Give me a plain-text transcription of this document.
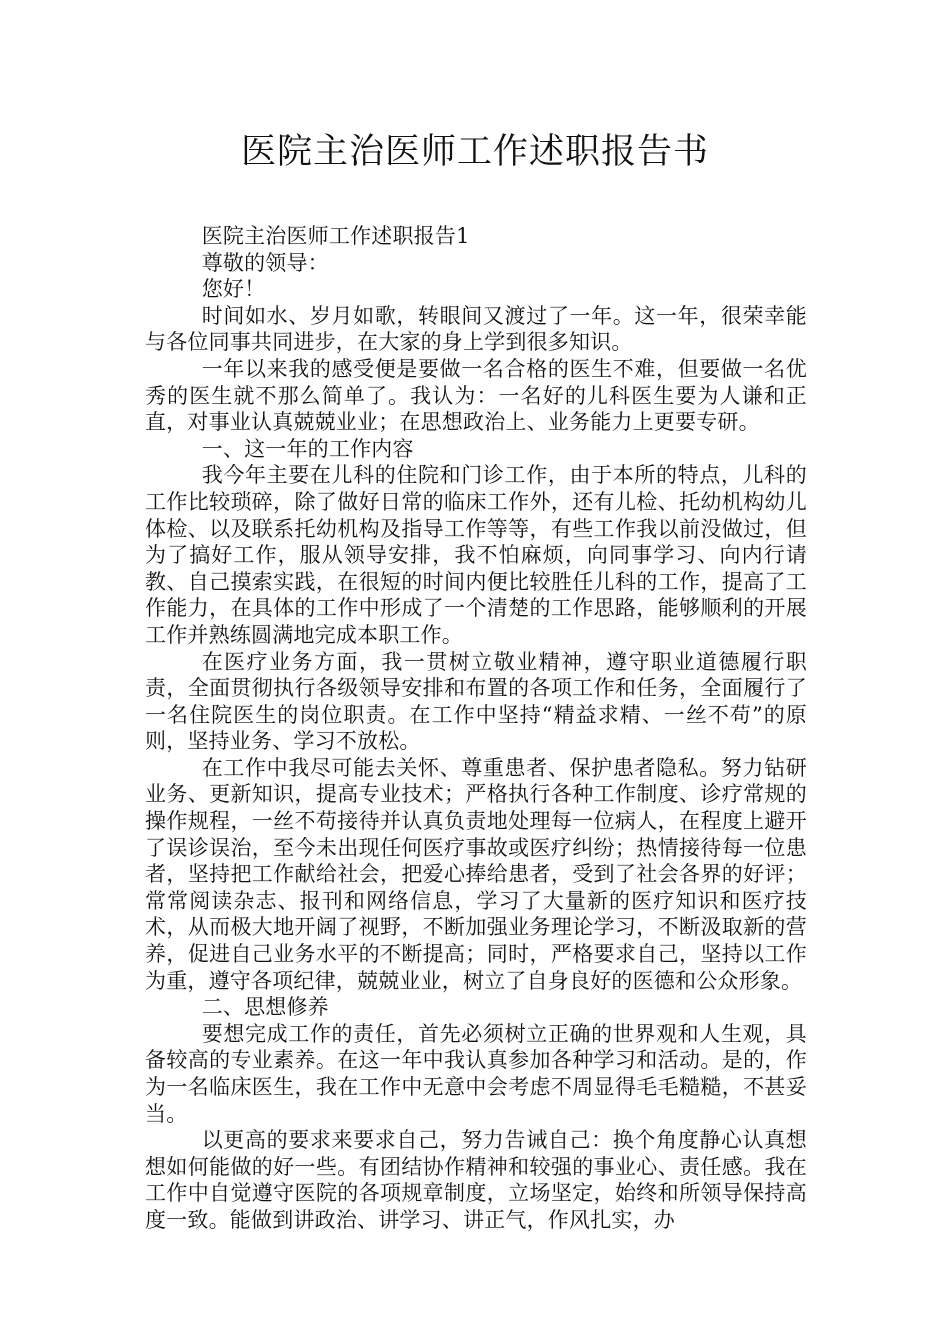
医院主治医师工作述职报告书

医院主治医师工作述职报告1

尊敬的领导：

您好！

时间如水、岁月如歌，转眼间又渡过了一年。这一年，很荣幸能与各位同事共同进步，在大家的身上学到很多知识。

一年以来我的感受便是要做一名合格的医生不难，但要做一名优秀的医生就不那么简单了。我认为：一名好的儿科医生要为人谦和正直，对事业认真兢兢业业；在思想政治上、业务能力上更要专研。

一、这一年的工作内容

我今年主要在儿科的住院和门诊工作，由于本所的特点，儿科的工作比较琐碎，除了做好日常的临床工作外，还有儿检、托幼机构幼儿体检、以及联系托幼机构及指导工作等等，有些工作我以前没做过，但为了搞好工作，服从领导安排，我不怕麻烦，向同事学习、向内行请教、自己摸索实践，在很短的时间内便比较胜任儿科的工作，提高了工作能力，在具体的工作中形成了一个清楚的工作思路，能够顺利的开展工作并熟练圆满地完成本职工作。

在医疗业务方面，我一贯树立敬业精神，遵守职业道德履行职责，全面贯彻执行各级领导安排和布置的各项工作和任务，全面履行了一名住院医生的岗位职责。在工作中坚持“精益求精、一丝不苟”的原则，坚持业务、学习不放松。

在工作中我尽可能去关怀、尊重患者、保护患者隐私。努力钻研业务、更新知识，提高专业技术；严格执行各种工作制度、诊疗常规的操作规程，一丝不苟接待并认真负责地处理每一位病人，在程度上避开了误诊误治，至今未出现任何医疗事故或医疗纠纷；热情接待每一位患者，坚持把工作献给社会，把爱心捧给患者，受到了社会各界的好评；常常阅读杂志、报刊和网络信息，学习了大量新的医疗知识和医疗技术，从而极大地开阔了视野，不断加强业务理论学习，不断汲取新的营养，促进自己业务水平的不断提高；同时，严格要求自己，坚持以工作为重，遵守各项纪律，兢兢业业，树立了自身良好的医德和公众形象。

二、思想修养

要想完成工作的责任，首先必须树立正确的世界观和人生观，具备较高的专业素养。在这一年中我认真参加各种学习和活动。是的，作为一名临床医生，我在工作中无意中会考虑不周显得毛毛糙糙，不甚妥当。

以更高的要求来要求自己，努力告诫自己：换个角度静心认真想想如何能做的好一些。有团结协作精神和较强的事业心、责任感。我在工作中自觉遵守医院的各项规章制度，立场坚定，始终和所领导保持高度一致。能做到讲政治、讲学习、讲正气，作风扎实，办
